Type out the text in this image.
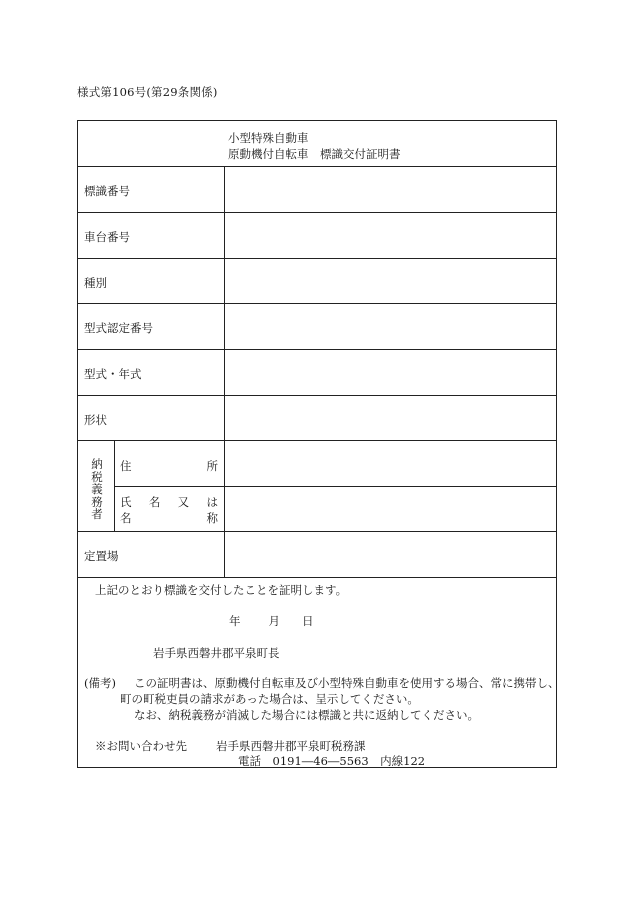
様式第106号(第29条関係)
小型特殊自動車
原動機付自転車　標識交付証明書
標識番号
車台番号
種別
型式認定番号
型式・年式
形状
納税義務者
住	所
氏 名 又 は
名	称
定置場
上記のとおり標識を交付したことを証明します。
年 月 日
岩手県西磐井郡平泉町長
(備考) この証明書は、原動機付自転車及び小型特殊自動車を使用する場合、常に携帯し、
町の町税吏員の請求があった場合は、呈示してください。
なお、納税義務が消滅した場合には標識と共に返納してください。
※お問い合わせ先	岩手県西磐井郡平泉町税務課
電話　0191―46―5563　内線122
